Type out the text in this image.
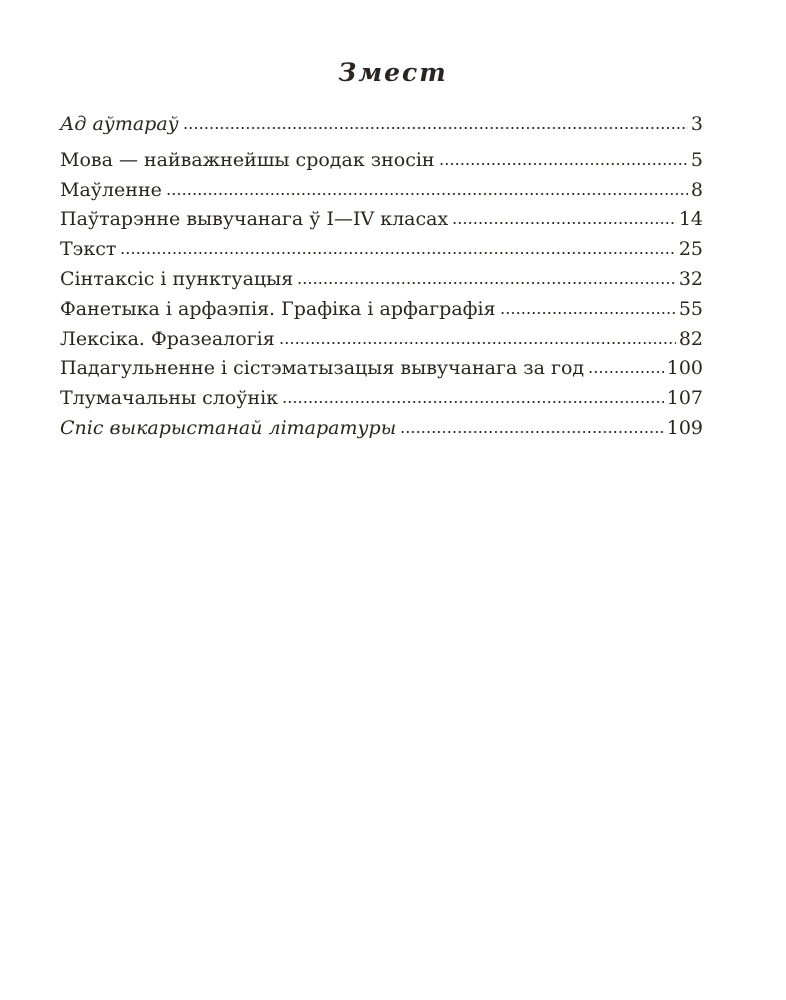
Змест
Ад аўтараў	3
Мова — найважнейшы сродак зносін	5
Маўленне	8
Паўтарэнне вывучанага ў I—IV класах	14
Тэкст	25
Сінтаксіс і пунктуацыя	32
Фанетыка і арфаэпія. Графіка і арфаграфія	55
Лексіка. Фразеалогія	82
Падагульненне і сістэматызацыя вывучанага за год	100
Тлумачальны слоўнік	107
Спіс выкарыстанай літаратуры	109
